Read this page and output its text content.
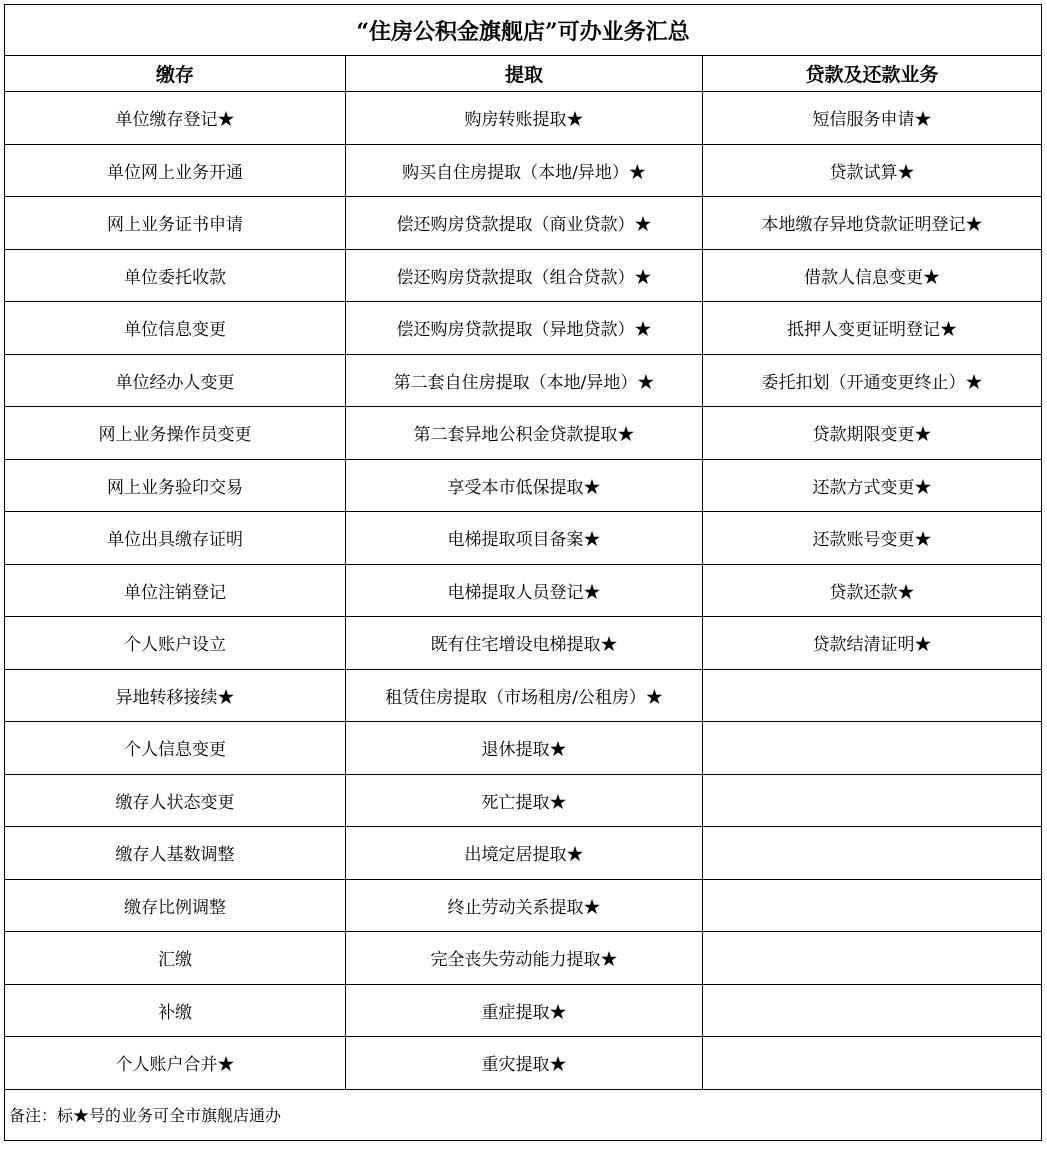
“住房公积金旗舰店”可办业务汇总		
缴存	提取	贷款及还款业务
单位缴存登记★	购房转账提取★	短信服务申请★
单位网上业务开通	购买自住房提取（本地/异地）★	贷款试算★
网上业务证书申请	偿还购房贷款提取（商业贷款）★	本地缴存异地贷款证明登记★
单位委托收款	偿还购房贷款提取（组合贷款）★	借款人信息变更★
单位信息变更	偿还购房贷款提取（异地贷款）★	抵押人变更证明登记★
单位经办人变更	第二套自住房提取（本地/异地）★	委托扣划（开通变更终止）★
网上业务操作员变更	第二套异地公积金贷款提取★	贷款期限变更★
网上业务验印交易	享受本市低保提取★	还款方式变更★
单位出具缴存证明	电梯提取项目备案★	还款账号变更★
单位注销登记	电梯提取人员登记★	贷款还款★
个人账户设立	既有住宅增设电梯提取★	贷款结清证明★
异地转移接续★	租赁住房提取（市场租房/公租房）★	
个人信息变更	退休提取★	
缴存人状态变更	死亡提取★	
缴存人基数调整	出境定居提取★	
缴存比例调整	终止劳动关系提取★	
汇缴	完全丧失劳动能力提取★	
补缴	重症提取★	
个人账户合并★	重灾提取★	
备注：标★号的业务可全市旗舰店通办		
